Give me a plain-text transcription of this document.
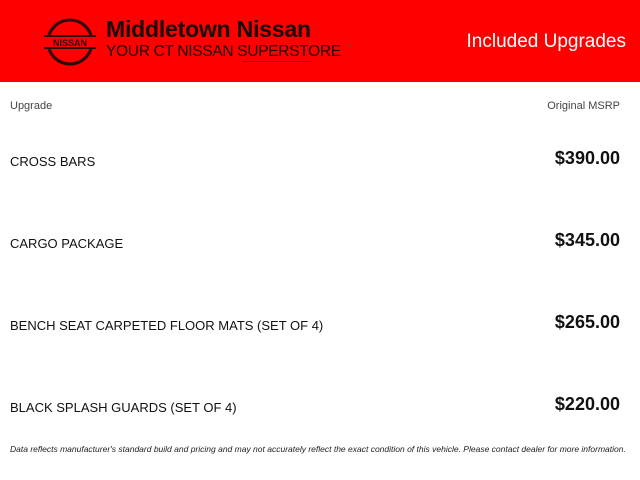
NISSAN
Middletown Nissan
YOUR CT NISSAN SUPERSTORE	Included Upgrades
Upgrade	Original MSRP
CROSS BARS	$390.00
CARGO PACKAGE	$345.00
BENCH SEAT CARPETED FLOOR MATS (SET OF 4)	$265.00
BLACK SPLASH GUARDS (SET OF 4)	$220.00
Data reflects manufacturer's standard build and pricing and may not accurately reflect the exact condition of this vehicle. Please contact dealer for more information.
